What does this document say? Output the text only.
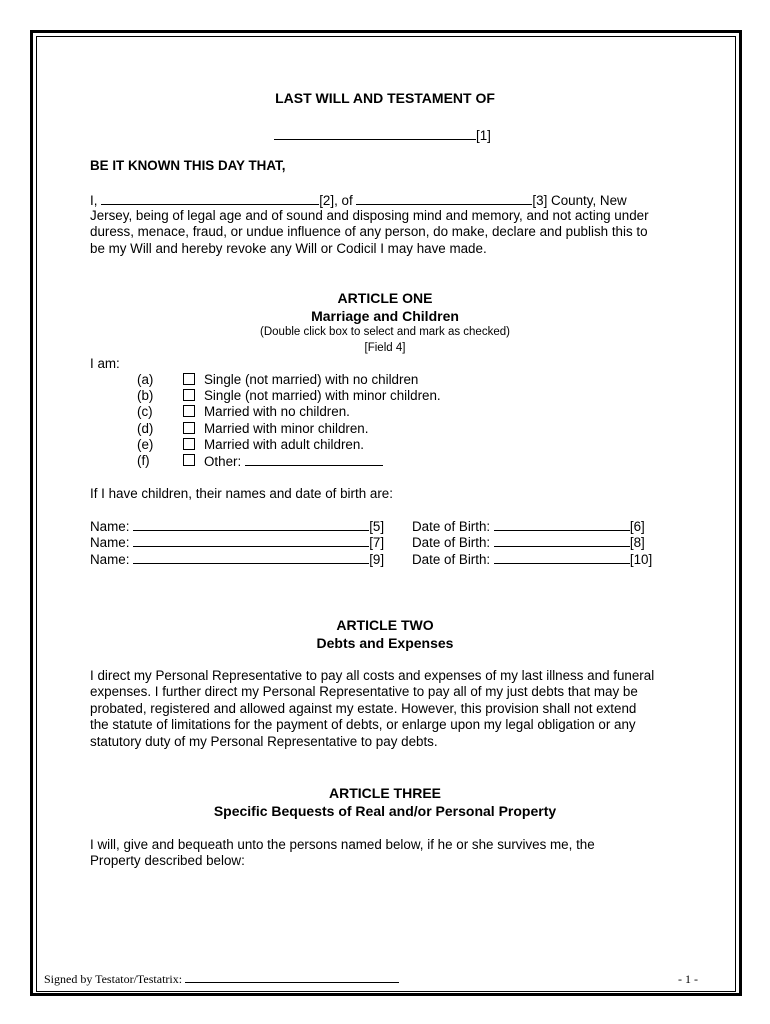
LAST WILL AND TESTAMENT OF
[1]
BE IT KNOWN THIS DAY THAT,
I,	[2], of	[3] County, New
Jersey, being of legal age and of sound and disposing mind and memory, and not acting under
duress, menace, fraud, or undue influence of any person, do make, declare and publish this to
be my Will and hereby revoke any Will or Codicil I may have made.
ARTICLE ONE
Marriage and Children
(Double click box to select and mark as checked)
[Field 4]
I am:
(a)	Single (not married) with no children
(b)	Single (not married) with minor children.
(c)	Married with no children.
(d)	Married with minor children.
(e)	Married with adult children.
(f)	Other:
If I have children, their names and date of birth are:
Name:	[5] Date of Birth:	[6]
Name:	[7] Date of Birth:	[8]
Name:	[9] Date of Birth:	[10]
ARTICLE TWO
Debts and Expenses
I direct my Personal Representative to pay all costs and expenses of my last illness and funeral
expenses. I further direct my Personal Representative to pay all of my just debts that may be
probated, registered and allowed against my estate. However, this provision shall not extend
the statute of limitations for the payment of debts, or enlarge upon my legal obligation or any
statutory duty of my Personal Representative to pay debts.
ARTICLE THREE
Specific Bequests of Real and/or Personal Property
I will, give and bequeath unto the persons named below, if he or she survives me, the
Property described below:
Signed by Testator/Testatrix:	- 1 -
